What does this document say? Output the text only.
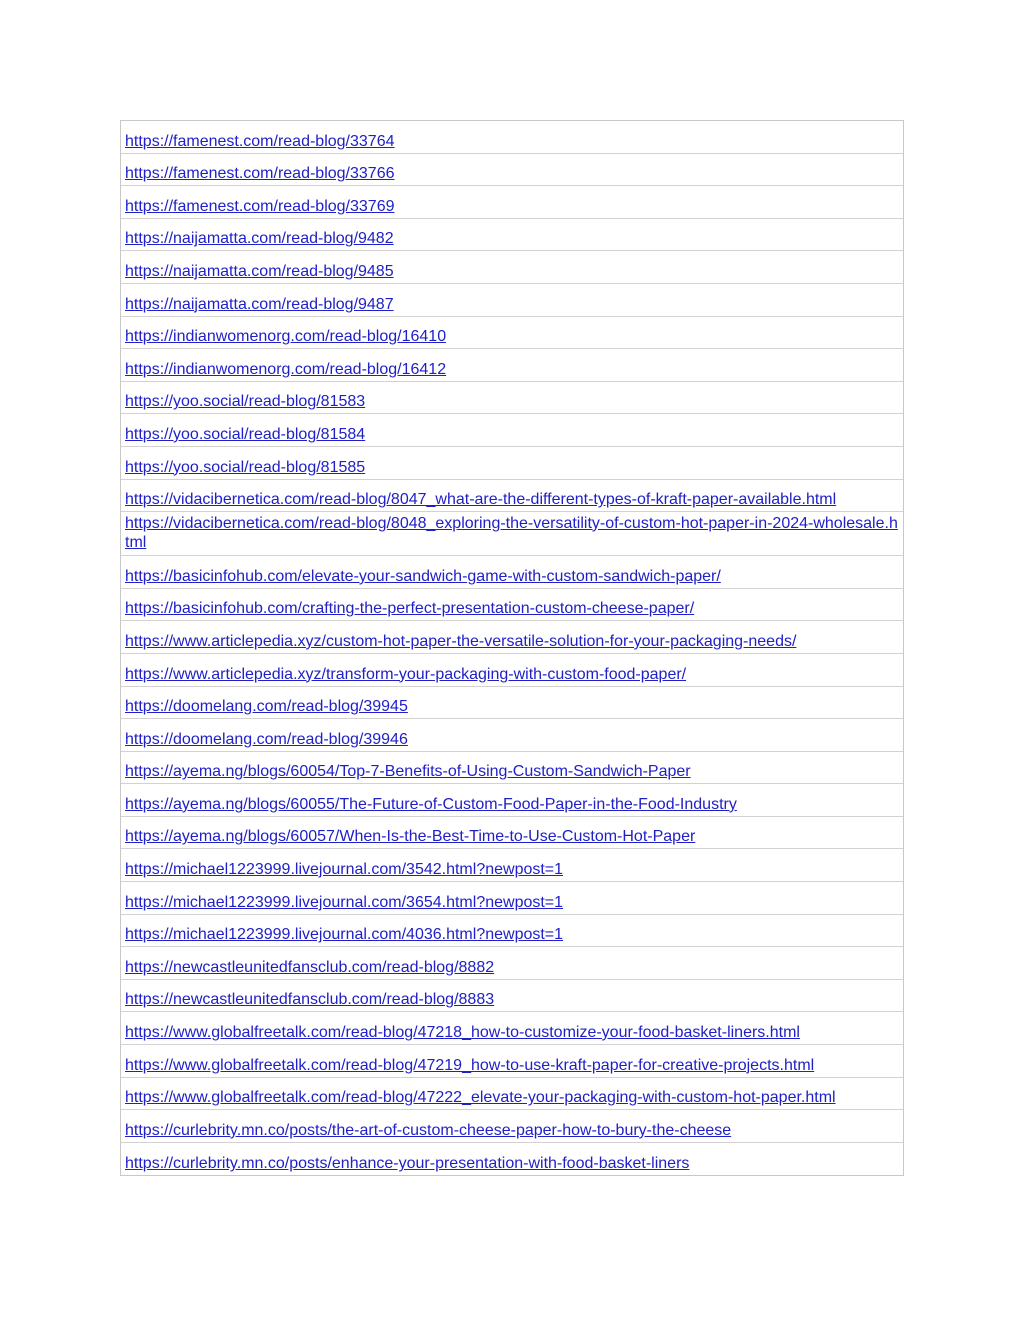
https://famenest.com/read-blog/33764
https://famenest.com/read-blog/33766
https://famenest.com/read-blog/33769
https://naijamatta.com/read-blog/9482
https://naijamatta.com/read-blog/9485
https://naijamatta.com/read-blog/9487
https://indianwomenorg.com/read-blog/16410
https://indianwomenorg.com/read-blog/16412
https://yoo.social/read-blog/81583
https://yoo.social/read-blog/81584
https://yoo.social/read-blog/81585
https://vidacibernetica.com/read-blog/8047_what-are-the-different-types-of-kraft-paper-available.html
https://vidacibernetica.com/read-blog/8048_exploring-the-versatility-of-custom-hot-paper-in-2024-wholesale.html
https://basicinfohub.com/elevate-your-sandwich-game-with-custom-sandwich-paper/
https://basicinfohub.com/crafting-the-perfect-presentation-custom-cheese-paper/
https://www.articlepedia.xyz/custom-hot-paper-the-versatile-solution-for-your-packaging-needs/
https://www.articlepedia.xyz/transform-your-packaging-with-custom-food-paper/
https://doomelang.com/read-blog/39945
https://doomelang.com/read-blog/39946
https://ayema.ng/blogs/60054/Top-7-Benefits-of-Using-Custom-Sandwich-Paper
https://ayema.ng/blogs/60055/The-Future-of-Custom-Food-Paper-in-the-Food-Industry
https://ayema.ng/blogs/60057/When-Is-the-Best-Time-to-Use-Custom-Hot-Paper
https://michael1223999.livejournal.com/3542.html?newpost=1
https://michael1223999.livejournal.com/3654.html?newpost=1
https://michael1223999.livejournal.com/4036.html?newpost=1
https://newcastleunitedfansclub.com/read-blog/8882
https://newcastleunitedfansclub.com/read-blog/8883
https://www.globalfreetalk.com/read-blog/47218_how-to-customize-your-food-basket-liners.html
https://www.globalfreetalk.com/read-blog/47219_how-to-use-kraft-paper-for-creative-projects.html
https://www.globalfreetalk.com/read-blog/47222_elevate-your-packaging-with-custom-hot-paper.html
https://curlebrity.mn.co/posts/the-art-of-custom-cheese-paper-how-to-bury-the-cheese
https://curlebrity.mn.co/posts/enhance-your-presentation-with-food-basket-liners
